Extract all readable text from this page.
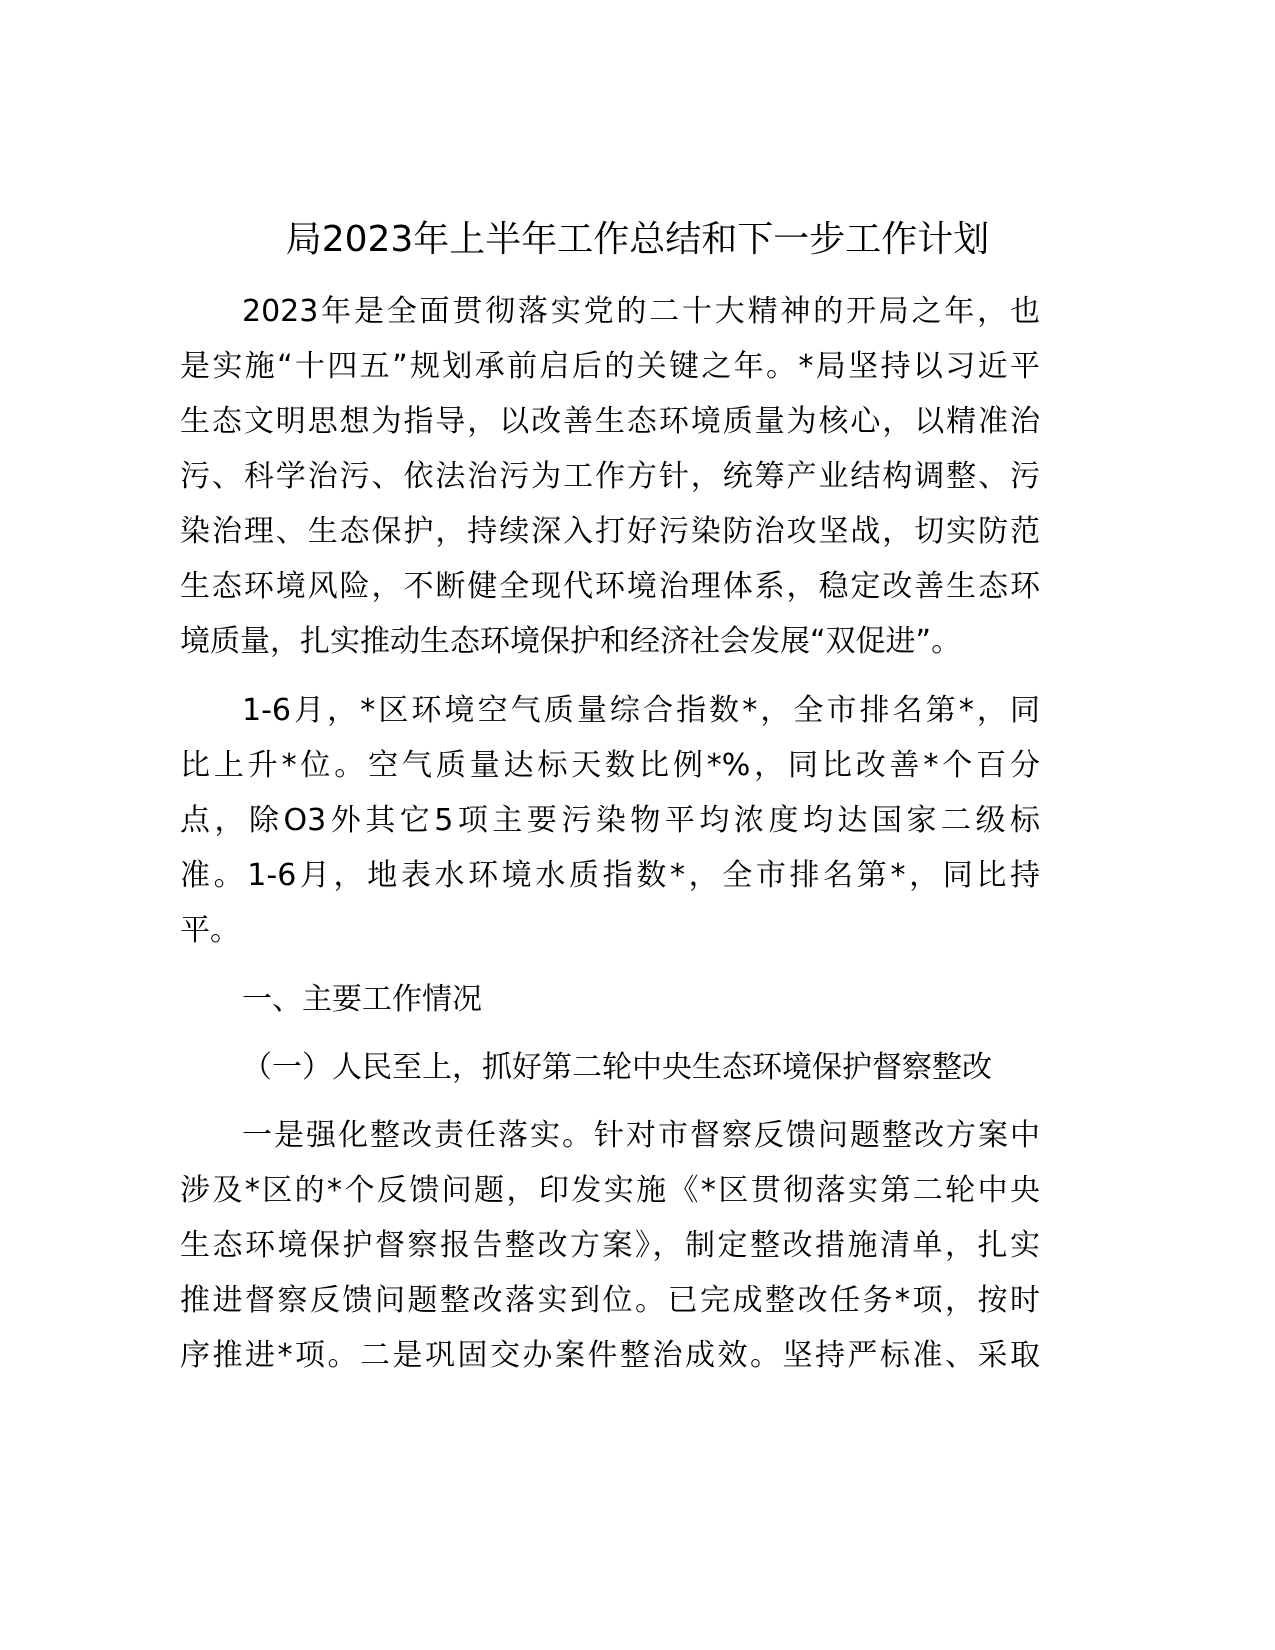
局2023年上半年工作总结和下一步工作计划
2023年是全面贯彻落实党的二十大精神的开局之年，也
是实施“十四五”规划承前启后的关键之年。*局坚持以习近平
生态文明思想为指导，以改善生态环境质量为核心，以精准治
污、科学治污、依法治污为工作方针，统筹产业结构调整、污
染治理、生态保护，持续深入打好污染防治攻坚战，切实防范
生态环境风险，不断健全现代环境治理体系，稳定改善生态环
境质量，扎实推动生态环境保护和经济社会发展“双促进”。
1-6月，*区环境空气质量综合指数*，全市排名第*，同
比上升*位。空气质量达标天数比例*%，同比改善*个百分
点，除O3外其它5项主要污染物平均浓度均达国家二级标
准。1-6月，地表水环境水质指数*，全市排名第*，同比持
平。
一、主要工作情况
（一）人民至上，抓好第二轮中央生态环境保护督察整改
一是强化整改责任落实。针对市督察反馈问题整改方案中
涉及*区的*个反馈问题，印发实施《*区贯彻落实第二轮中央
生态环境保护督察报告整改方案》，制定整改措施清单，扎实
推进督察反馈问题整改落实到位。已完成整改任务*项，按时
序推进*项。二是巩固交办案件整治成效。坚持严标准、采取
